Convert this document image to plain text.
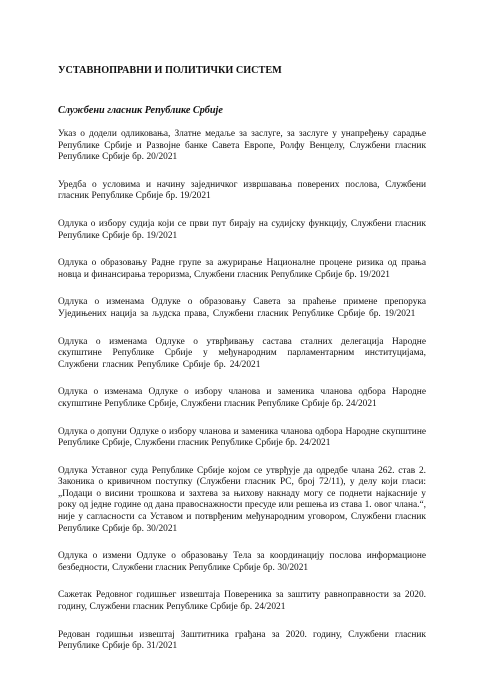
УСТАВНОПРАВНИ И ПОЛИТИЧКИ СИСТЕМ
Службени гласник Републике Србије

Указ о додели одликовања, Златне медаље за заслуге, за заслуге у унапређењу сарадње Републике Србије и Развојне банке Савета Европе, Ролфу Венцелу, Службени гласник Републике Србије бр. 20/2021

Уредба о условима и начину заједничког извршавања поверених послова, Службени гласник Републике Србије бр. 19/2021

Одлука о избору судија који се први пут бирају на судијску функцију, Службени гласник Републике Србије бр. 19/2021

Одлука о образовању Радне групе за ажурирање Националне процене ризика од прања новца и финансирања тероризма, Службени гласник Републике Србије бр. 19/2021

Одлука о изменама Одлуке о образовању Савета за праћење примене препорука Уједињених нација за људска права, Службени гласник Републике Србије бр. 19/2021

Одлука о изменама Одлуке о утврђивању састава сталних делегација Народне скупштине Републике Србије у међународним парламентарним институцијама, Службени гласник Републике Србије бр. 24/2021

Одлука о изменама Одлуке о избору чланова и заменика чланова одбора Народне скупштине Републике Србије, Службени гласник Републике Србије бр. 24/2021

Одлука о допуни Одлуке о избору чланова и заменика чланова одбора Народне скупштине Републике Србије, Службени гласник Републике Србије бр. 24/2021

Одлука Уставног суда Републике Србије којом се утврђује да одредбе члана 262. став 2. Законика о кривичном поступку (Службени гласник РС, број 72/11), у делу који гласи: „Подаци о висини трошкова и захтева за њихову накнаду могу се поднети најкасније у року од једне године од дана правоснажности пресуде или решења из става 1. овог члана.“, није у сагласности са Уставом и потврђеним међународним уговором, Службени гласник Републике Србије бр. 30/2021

Одлука о измени Одлуке о образовању Тела за координацију послова информационе безбедности, Службени гласник Републике Србије бр. 30/2021

Сажетак Редовног годишњег извештаја Повереника за заштиту равноправности за 2020. годину, Службени гласник Републике Србије бр. 24/2021

Редован годишњи извештај Заштитника грађана за 2020. годину, Службени гласник Републике Србије бр. 31/2021
